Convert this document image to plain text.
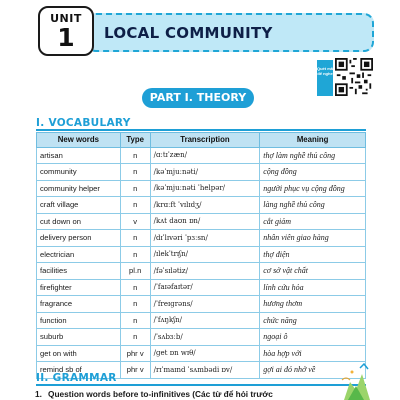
LOCAL COMMUNITY
UNIT
1
Quét mã để nghe
PART I. THEORY
I. VOCABULARY
New words	Type	Transcription	Meaning
artisan	n	/ɑːtɪˈzæn/	thợ làm nghề thủ công
community	n	/kəˈmjuːnəti/	cộng đồng
community helper	n	/kəˈmjuːnəti ˈhelpər/	người phục vụ cộng đồng
craft village	n	/krɑːft ˈvɪlɪdʒ/	làng nghề thủ công
cut down on	v	/kʌt daʊn ɒn/	cắt giảm
delivery person	n	/dɪˈlɪvəri ˈpɜːsn/	nhân viên giao hàng
electrician	n	/ɪlekˈtrɪʃn/	thợ điện
facilities	pl.n	/fəˈsɪlətiz/	cơ sở vật chất
firefighter	n	/ˈfaɪəfaɪtər/	lính cứu hỏa
fragrance	n	/ˈfreɪɡrəns/	hương thơm
function	n	/ˈfʌŋkʃn/	chức năng
suburb	n	/ˈsʌbɜːb/	ngoại ô
get on with	phr v	/ɡet ɒn wɪθ/	hòa hợp với
remind sb of	phr v	/rɪˈmaɪnd ˈsʌmbədi ɒv/	gợi ai đó nhớ về
II. GRAMMAR
1. Question words before to-infinitives (Các từ để hỏi trước
